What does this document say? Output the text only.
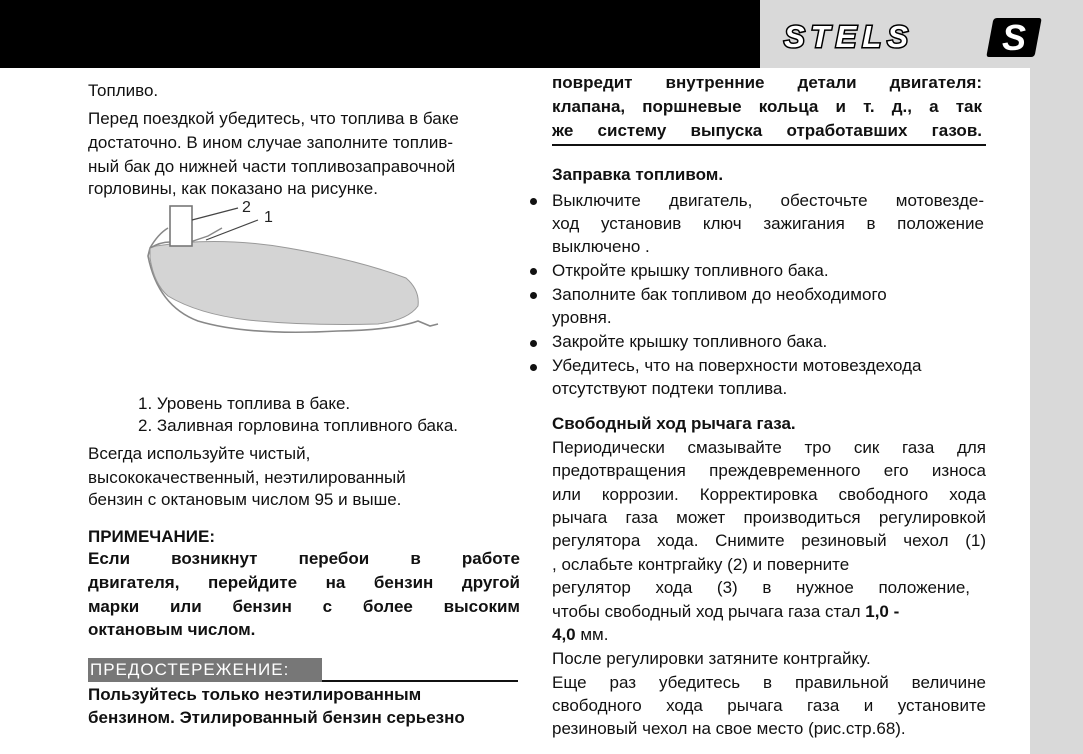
STELS S

Топливо.

Перед поездкой убедитесь, что топлива в баке

достаточно. В ином случае заполните топлив-

ный бак до нижней части топливозаправочной

горловины, как показано на рисунке.

2
1

1. Уровень топлива в баке.

2. Заливная горловина топливного бака.

Всегда используйте чистый,

высококачественный, неэтилированный

бензин с октановым числом 95 и выше.

ПРИМЕЧАНИЕ:

Если возникнут перебои в работе

двигателя, перейдите на бензин другой

марки или бензин с более высоким

октановым числом.

ПРЕДОСТЕРЕЖЕНИЕ:

Пользуйтесь только неэтилированным

бензином. Этилированный бензин серьезно

повредит внутренние детали двигателя:

клапана, поршневые кольца и т. д., а так

же систему выпуска отработавших газов.

Заправка топливом.

Выключите двигатель, обесточьте мотовезде-

ход установив ключ зажигания в положение

выключено .

Откройте крышку топливного бака.

Заполните бак топливом до необходимого

уровня.

Закройте крышку топливного бака.

Убедитесь, что на поверхности мотовездехода

отсутствуют подтеки топлива.

Свободный ход рычага газа.

Периодически смазывайте тро сик газа для

предотвращения преждевременного его износа

или коррозии. Корректировка свободного хода

рычага газа может производиться регулировкой

регулятора хода. Снимите резиновый чехол (1)

, ослабьте контргайку (2) и поверните

регулятор хода (3) в нужное положение,

чтобы свободный ход рычага газа стал 1,0 -

4,0 мм.

После регулировки затяните контргайку.

Еще раз убедитесь в правильной величине

свободного хода рычага газа и установите

резиновый чехол на свое место (рис.стр.68).
